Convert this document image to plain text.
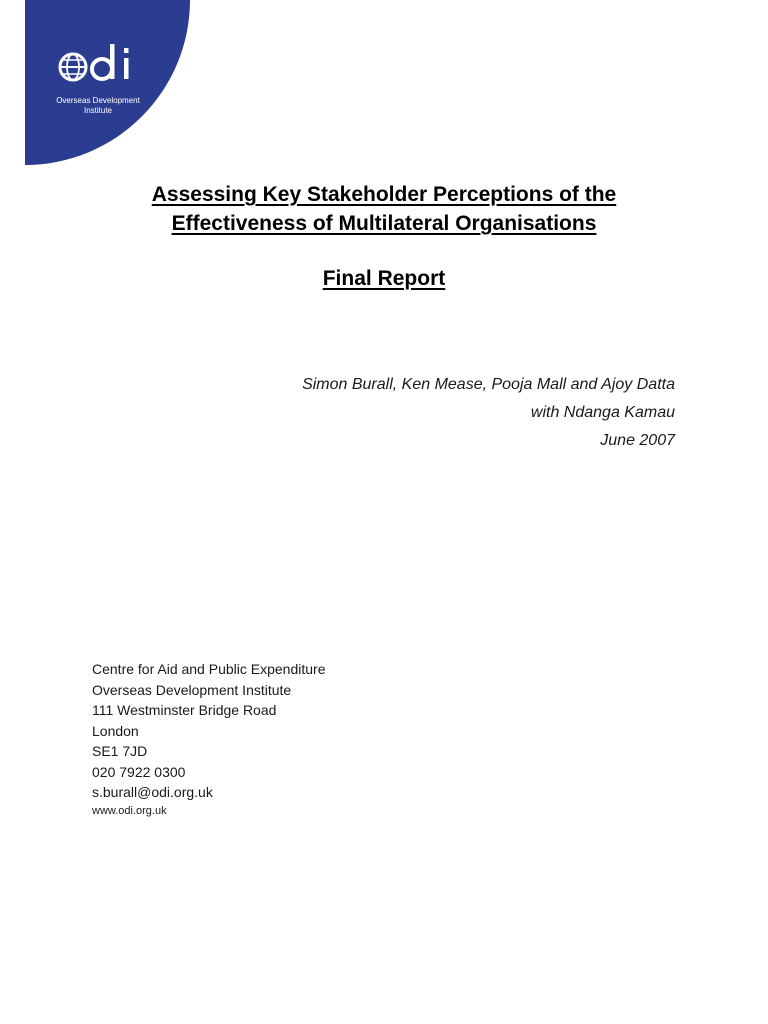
Overseas Development
Institute
Assessing Key Stakeholder Perceptions of the
Effectiveness of Multilateral Organisations
Final Report
Simon Burall, Ken Mease, Pooja Mall and Ajoy Datta
with Ndanga Kamau
June 2007
Centre for Aid and Public Expenditure
Overseas Development Institute
111 Westminster Bridge Road
London
SE1 7JD
020 7922 0300
s.burall@odi.org.uk
www.odi.org.uk
